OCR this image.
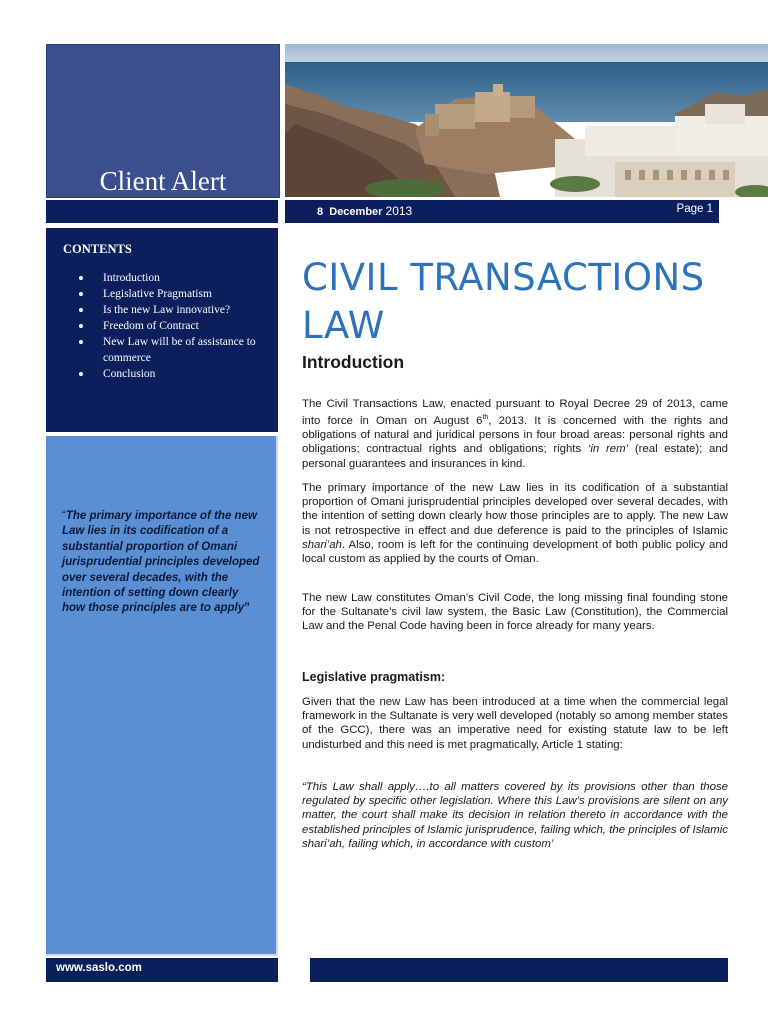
Client Alert
CONTENTS
Introduction
Legislative Pragmatism
Is the new Law innovative?
Freedom of Contract
New Law will be of assistance to commerce
Conclusion
“The primary importance of the new Law lies in its codification of a substantial proportion of Omani jurisprudential principles developed over several decades, with the intention of setting down clearly how those principles are to apply”
www.saslo.com
8 December 2013	Page 1
CIVIL TRANSACTIONS LAW
Introduction

The Civil Transactions Law, enacted pursuant to Royal Decree 29 of 2013, came into force in Oman on August 6th, 2013. It is concerned with the rights and obligations of natural and juridical persons in four broad areas: personal rights and obligations; contractual rights and obligations; rights ‘in rem’ (real estate); and personal guarantees and insurances in kind.

The primary importance of the new Law lies in its codification of a substantial proportion of Omani jurisprudential principles developed over several decades, with the intention of setting down clearly how those principles are to apply. The new Law is not retrospective in effect and due deference is paid to the principles of Islamic shari’ah. Also, room is left for the continuing development of both public policy and local custom as applied by the courts of Oman.

The new Law constitutes Oman’s Civil Code, the long missing final founding stone for the Sultanate’s civil law system, the Basic Law (Constitution), the Commercial Law and the Penal Code having been in force already for many years.

Legislative pragmatism:

Given that the new Law has been introduced at a time when the commercial legal framework in the Sultanate is very well developed (notably so among member states of the GCC), there was an imperative need for existing statute law to be left undisturbed and this need is met pragmatically, Article 1 stating:

“This Law shall apply….to all matters covered by its provisions other than those regulated by specific other legislation. Where this Law’s provisions are silent on any matter, the court shall make its decision in relation thereto in accordance with the established principles of Islamic jurisprudence, failing which, the principles of Islamic shari’ah, failing which, in accordance with custom’
